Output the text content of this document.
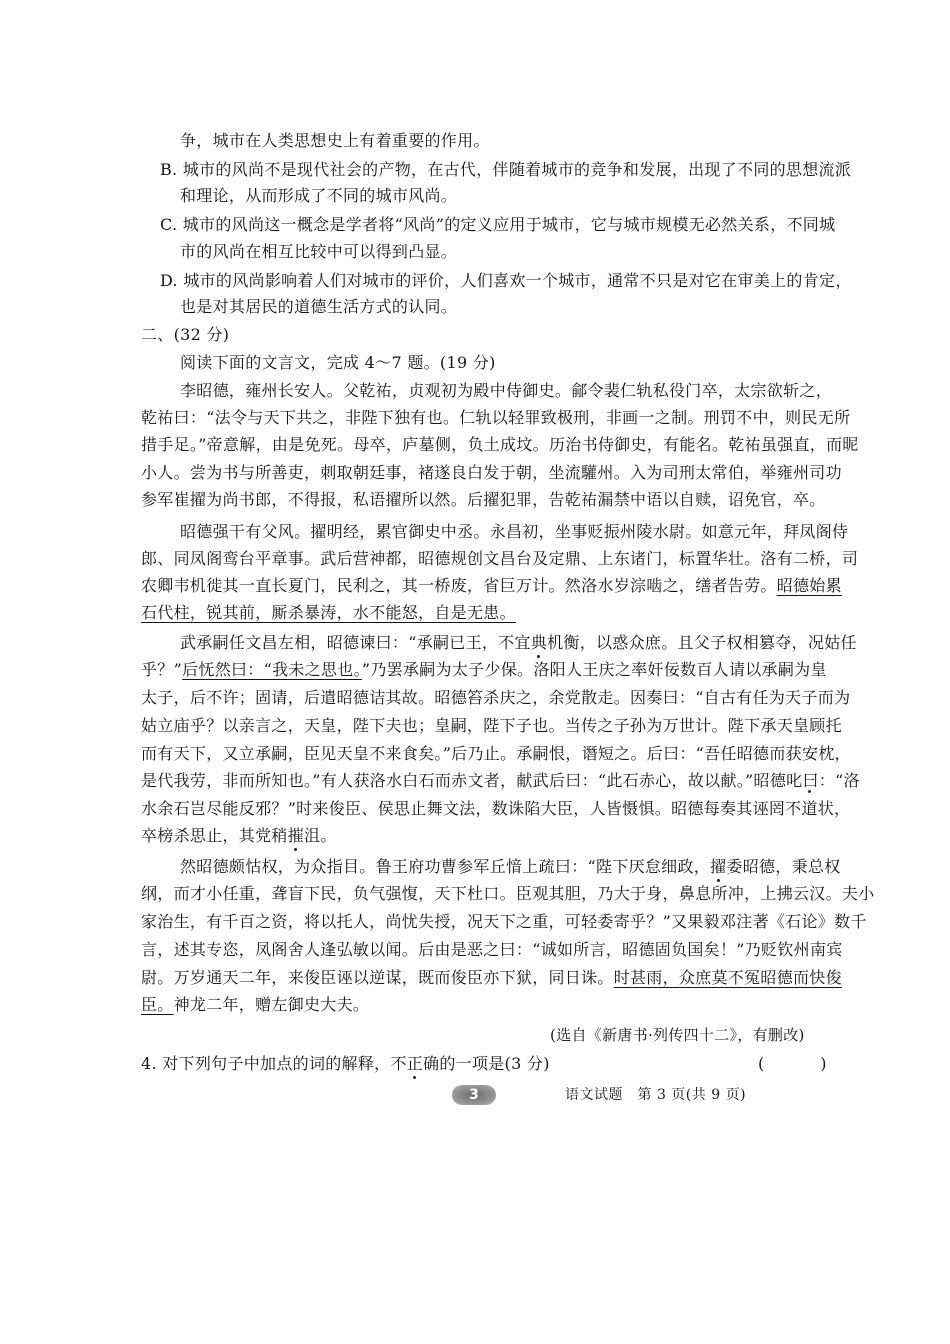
争，城市在人类思想史上有着重要的作用。
B. 城市的风尚不是现代社会的产物，在古代，伴随着城市的竞争和发展，出现了不同的思想流派
和理论，从而形成了不同的城市风尚。
C. 城市的风尚这一概念是学者将“风尚”的定义应用于城市，它与城市规模无必然关系，不同城
市的风尚在相互比较中可以得到凸显。
D. 城市的风尚影响着人们对城市的评价，人们喜欢一个城市，通常不只是对它在审美上的肯定，
也是对其居民的道德生活方式的认同。
二、(32 分)
阅读下面的文言文，完成 4～7 题。(19 分)
李昭德，雍州长安人。父乾祐，贞观初为殿中侍御史。鄃令裴仁轨私役门卒，太宗欲斩之，
乾祐曰：“法令与天下共之，非陛下独有也。仁轨以轻罪致极刑，非画一之制。刑罚不中，则民无所
措手足。”帝意解，由是免死。母卒，庐墓侧，负土成坟。历治书侍御史，有能名。乾祐虽强直，而昵
小人。尝为书与所善吏，刺取朝廷事，褚遂良白发于朝，坐流驩州。入为司刑太常伯，举雍州司功
参军崔擢为尚书郎，不得报，私语擢所以然。后擢犯罪，告乾祐漏禁中语以自赎，诏免官，卒。
昭德强干有父风。擢明经，累官御史中丞。永昌初，坐事贬振州陵水尉。如意元年，拜凤阁侍
郎、同凤阁鸾台平章事。武后营神都，昭德规创文昌台及定鼎、上东诸门，标置华壮。洛有二桥，司
农卿韦机徙其一直长夏门，民利之，其一桥废，省巨万计。然洛水岁淙啮之，缮者告劳。昭德始累
石代柱，锐其前，厮杀暴涛，水不能怒，自是无患。
武承嗣任文昌左相，昭德谏曰：“承嗣已王，不宜典机衡，以惑众庶。且父子权相篡夺，况姑任
乎？”后怃然曰：“我未之思也。”乃罢承嗣为太子少保。洛阳人王庆之率奸佞数百人请以承嗣为皇
太子，后不许；固请，后遣昭德诘其故。昭德笞杀庆之，余党散走。因奏曰：“自古有任为天子而为
姑立庙乎？以亲言之，天皇，陛下夫也；皇嗣，陛下子也。当传之子孙为万世计。陛下承天皇顾托
而有天下，又立承嗣，臣见天皇不来食矣。”后乃止。承嗣恨，谮短之。后曰：“吾任昭德而获安枕，
是代我劳，非而所知也。”有人获洛水白石而赤文者，献武后曰：“此石赤心，故以献。”昭德叱曰：“洛
水余石岂尽能反邪？”时来俊臣、侯思止舞文法，数诛陷大臣，人皆慑惧。昭德每奏其诬罔不道状，
卒榜杀思止，其党稍摧沮。
然昭德颇怙权，为众指目。鲁王府功曹参军丘愔上疏曰：“陛下厌怠细政，擢委昭德，秉总权
纲，而才小任重，聋盲下民，负气强愎，天下杜口。臣观其胆，乃大于身，鼻息所冲，上拂云汉。夫小
家治生，有千百之资，将以托人，尚忧失授，况天下之重，可轻委寄乎？”又果毅邓注著《石论》数千
言，述其专恣，凤阁舍人逢弘敏以闻。后由是恶之曰：“诚如所言，昭德固负国矣！”乃贬钦州南宾
尉。万岁通天二年，来俊臣诬以逆谋，既而俊臣亦下狱，同日诛。时甚雨，众庶莫不冤昭德而快俊
臣。神龙二年，赠左御史大夫。
(选自《新唐书·列传四十二》，有删改)
4. 对下列句子中加点的词的解释，不正确的一项是(3 分)	(　)
3	语文试题　第 3 页(共 9 页)
